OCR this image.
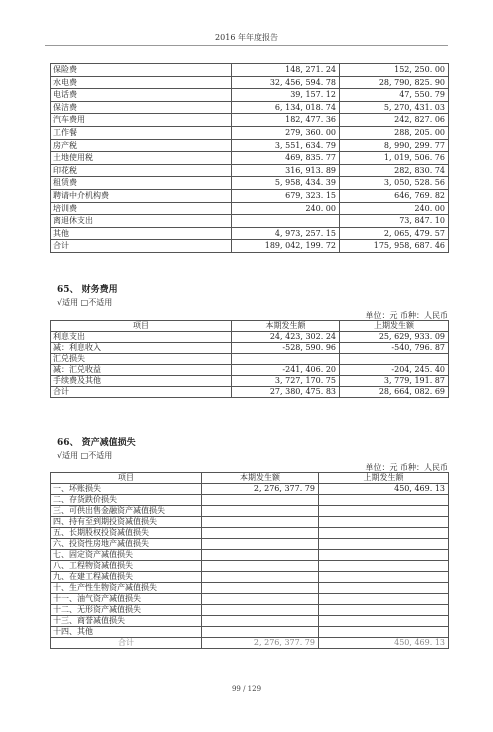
2016 年年度报告
保险费	148, 271. 24	152, 250. 00
水电费	32, 456, 594. 78	28, 790, 825. 90
电话费	39, 157. 12	47, 550. 79
保洁费	6, 134, 018. 74	5, 270, 431. 03
汽车费用	182, 477. 36	242, 827. 06
工作餐	279, 360. 00	288, 205. 00
房产税	3, 551, 634. 79	8, 990, 299. 77
土地使用税	469, 835. 77	1, 019, 506. 76
印花税	316, 913. 89	282, 830. 74
租赁费	5, 958, 434. 39	3, 050, 528. 56
聘请中介机构费	679, 323. 15	646, 769. 82
培训费	240. 00	240. 00
离退休支出		73, 847. 10
其他	4, 973, 257. 15	2, 065, 479. 57
合计	189, 042, 199. 72	175, 958, 687. 46
65、 财务费用
√适用 □不适用
单位：元 币种：人民币
项目	本期发生额	上期发生额
利息支出	24, 423, 302. 24	25, 629, 933. 09
减：利息收入	-528, 590. 96	-540, 796. 87
汇兑损失		
减：汇兑收益	-241, 406. 20	-204, 245. 40
手续费及其他	3, 727, 170. 75	3, 779, 191. 87
合计	27, 380, 475. 83	28, 664, 082. 69
66、 资产减值损失
√适用 □不适用
单位：元 币种：人民币
项目	本期发生额	上期发生额
一、坏账损失	2, 276, 377. 79	450, 469. 13
二、存货跌价损失		
三、可供出售金融资产减值损失		
四、持有至到期投资减值损失		
五、长期股权投资减值损失		
六、投资性房地产减值损失		
七、固定资产减值损失		
八、工程物资减值损失		
九、在建工程减值损失		
十、生产性生物资产减值损失		
十一、油气资产减值损失		
十二、无形资产减值损失		
十三、商誉减值损失		
十四、其他		
合计	2, 276, 377. 79	450, 469. 13
99 / 129
